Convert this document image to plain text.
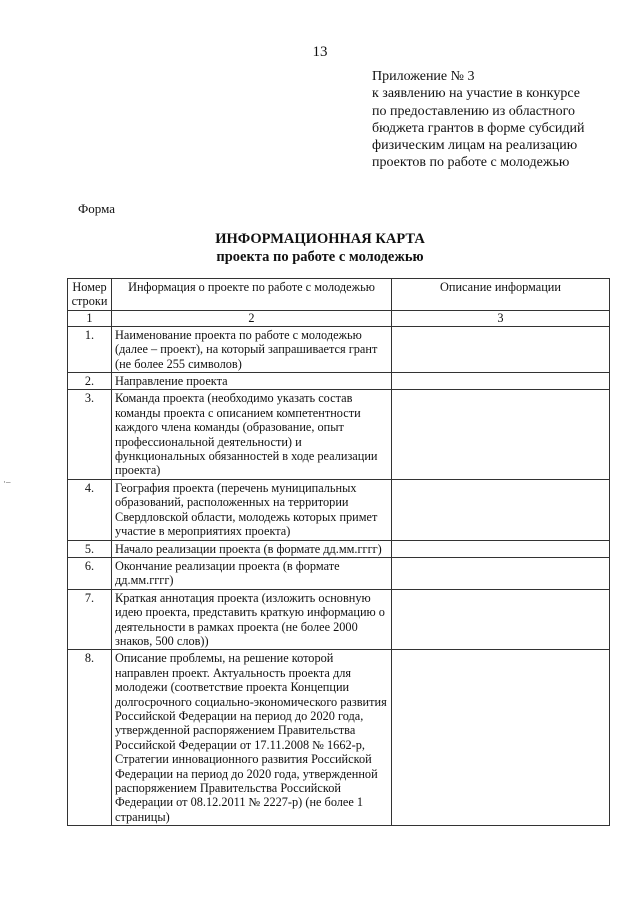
13
Приложение № 3
к заявлению на участие в конкурсе
по предоставлению из областного
бюджета грантов в форме субсидий
физическим лицам на реализацию
проектов по работе с молодежью
Форма
ИНФОРМАЦИОННАЯ КАРТА
проекта по работе с молодежью
·–
Номер строки	Информация о проекте по работе с молодежью	Описание информации
1	2	3
1.	Наименование проекта по работе с молодежью (далее – проект), на который запрашивается грант (не более 255 символов)	
2.	Направление проекта	
3.	Команда проекта (необходимо указать состав команды проекта с описанием компетентности каждого члена команды (образование, опыт профессиональной деятельности) и функциональных обязанностей в ходе реализации проекта)	
4.	География проекта (перечень муниципальных образований, расположенных на территории Свердловской области, молодежь которых примет участие в мероприятиях проекта)	
5.	Начало реализации проекта (в формате дд.мм.гггг)	
6.	Окончание реализации проекта (в формате дд.мм.гггг)	
7.	Краткая аннотация проекта (изложить основную идею проекта, представить краткую информацию о деятельности в рамках проекта (не более 2000 знаков, 500 слов))	
8.	Описание проблемы, на решение которой направлен проект. Актуальность проекта для молодежи (соответствие проекта Концепции долгосрочного социально-экономического развития Российской Федерации на период до 2020 года, утвержденной распоряжением Правительства Российской Федерации от 17.11.2008 № 1662-р, Стратегии инновационного развития Российской Федерации на период до 2020 года, утвержденной распоряжением Правительства Российской Федерации от 08.12.2011 № 2227-р) (не более 1 страницы)	
